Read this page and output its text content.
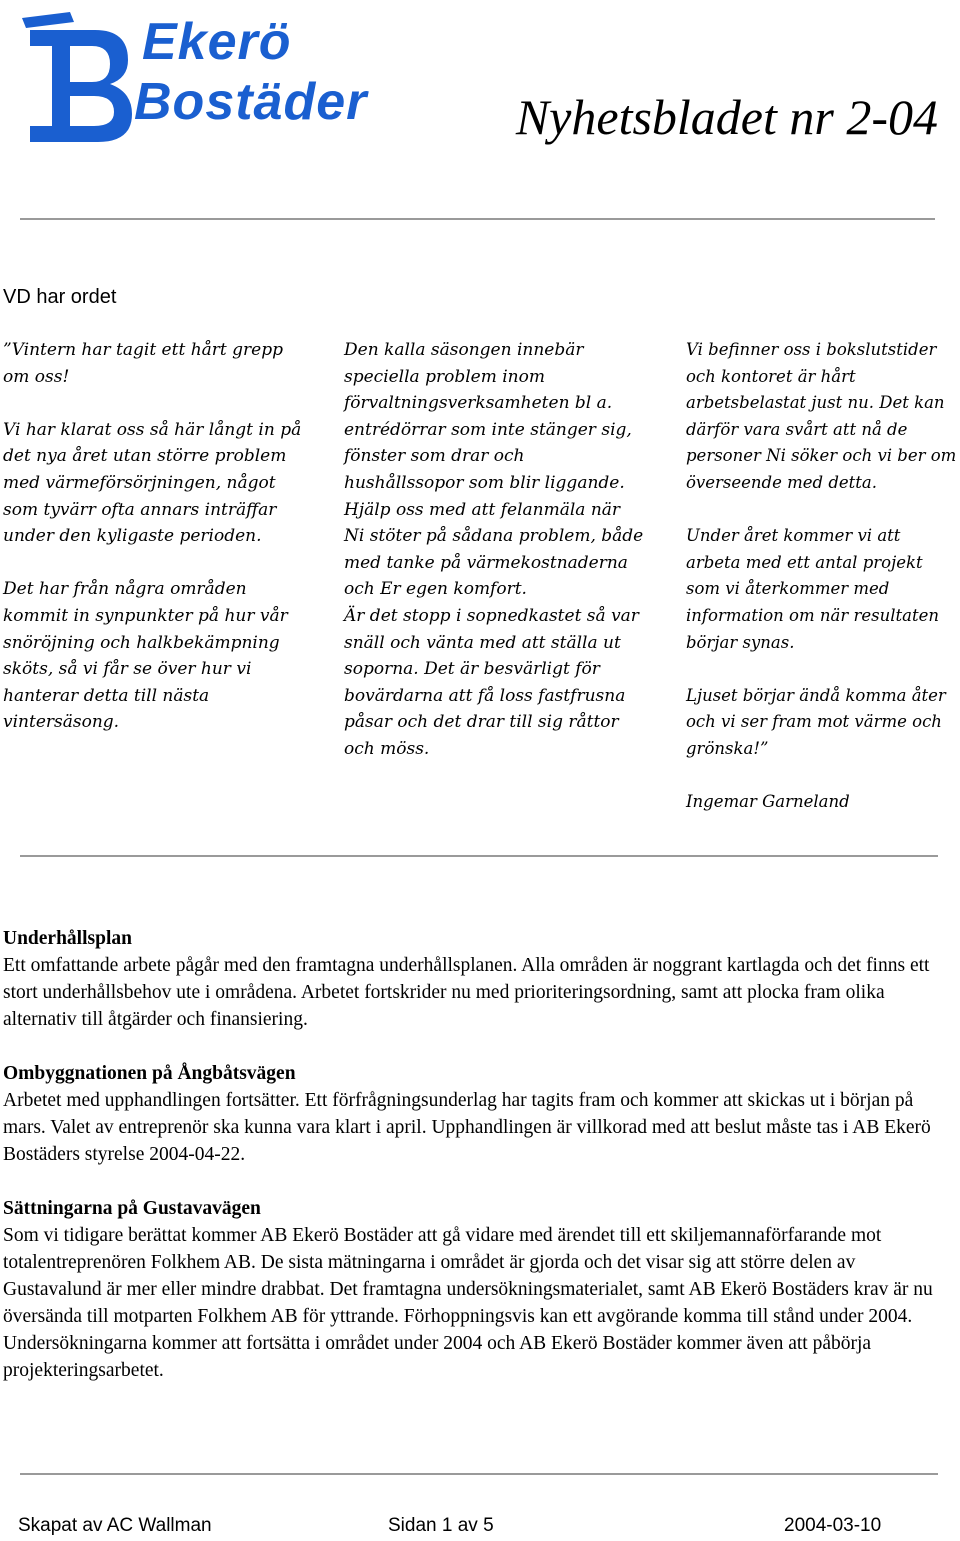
Ekerö
Bostäder	Nyhetsbladet nr 2-04
VD har ordet

”Vintern har tagit ett hårt grepp om oss!

Vi har klarat oss så här långt in på det nya året utan större problem med värmeförsörjningen, något som tyvärr ofta annars inträffar under den kyligaste perioden.

Det har från några områden kommit in synpunkter på hur vår snöröjning och halkbekämpning sköts, så vi får se över hur vi hanterar detta till nästa vintersäsong.

Den kalla säsongen innebär speciella problem inom förvaltningsverksamheten bl a. entrédörrar som inte stänger sig, fönster som drar och hushållssopor som blir liggande.

Hjälp oss med att felanmäla när Ni stöter på sådana problem, både med tanke på värmekostnaderna och Er egen komfort.

Är det stopp i sopnedkastet så var snäll och vänta med att ställa ut soporna. Det är besvärligt för bovärdarna att få loss fastfrusna påsar och det drar till sig råttor och möss.

Vi befinner oss i bokslutstider och kontoret är hårt arbetsbelastat just nu. Det kan därför vara svårt att nå de personer Ni söker och vi ber om överseende med detta.

Under året kommer vi att arbeta med ett antal projekt som vi återkommer med information om när resultaten börjar synas.

Ljuset börjar ändå komma åter och vi ser fram mot värme och grönska!”

Ingemar Garneland

Underhållsplan

Ett omfattande arbete pågår med den framtagna underhållsplanen. Alla områden är noggrant kartlagda och det finns ett stort underhållsbehov ute i områdena. Arbetet fortskrider nu med prioriteringsordning, samt att plocka fram olika alternativ till åtgärder och finansiering.

Ombyggnationen på Ångbåtsvägen

Arbetet med upphandlingen fortsätter. Ett förfrågningsunderlag har tagits fram och kommer att skickas ut i början på mars. Valet av entreprenör ska kunna vara klart i april. Upphandlingen är villkorad med att beslut måste tas i AB Ekerö Bostäders styrelse 2004-04-22.

Sättningarna på Gustavavägen

Som vi tidigare berättat kommer AB Ekerö Bostäder att gå vidare med ärendet till ett skiljemannaförfarande mot totalentreprenören Folkhem AB. De sista mätningarna i området är gjorda och det visar sig att större delen av Gustavalund är mer eller mindre drabbat. Det framtagna undersökningsmaterialet, samt AB Ekerö Bostäders krav är nu översända till motparten Folkhem AB för yttrande. Förhoppningsvis kan ett avgörande komma till stånd under 2004. Undersökningarna kommer att fortsätta i området under 2004 och AB Ekerö Bostäder kommer även att påbörja projekteringsarbetet.

Skapat av AC Wallman	Sidan 1 av 5	2004-03-10
